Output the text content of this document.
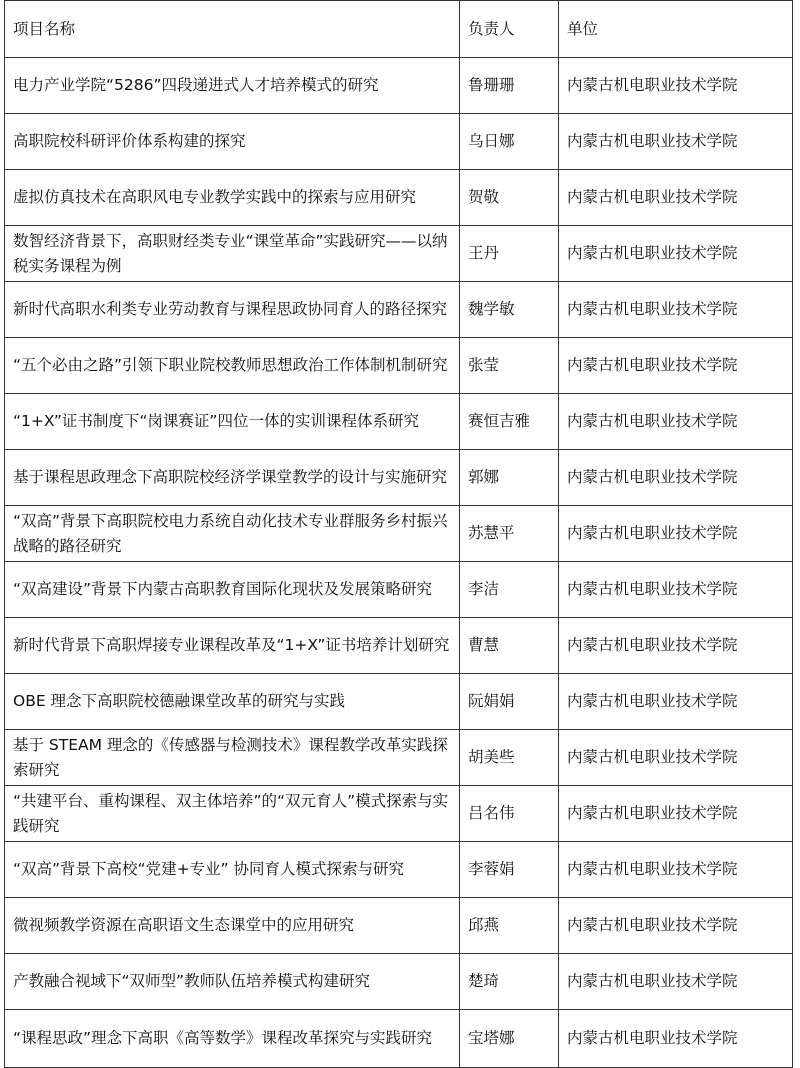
项目名称	负责人	单位
电力产业学院“5286”四段递进式人才培养模式的研究	鲁珊珊	内蒙古机电职业技术学院
高职院校科研评价体系构建的探究	乌日娜	内蒙古机电职业技术学院
虚拟仿真技术在高职风电专业教学实践中的探索与应用研究	贺敬	内蒙古机电职业技术学院
数智经济背景下，高职财经类专业“课堂革命”实践研究——以纳税实务课程为例	王丹	内蒙古机电职业技术学院
新时代高职水利类专业劳动教育与课程思政协同育人的路径探究	魏学敏	内蒙古机电职业技术学院
“五个必由之路”引领下职业院校教师思想政治工作体制机制研究	张莹	内蒙古机电职业技术学院
“1+X”证书制度下“岗课赛证”四位一体的实训课程体系研究	赛恒吉雅	内蒙古机电职业技术学院
基于课程思政理念下高职院校经济学课堂教学的设计与实施研究	郭娜	内蒙古机电职业技术学院
“双高”背景下高职院校电力系统自动化技术专业群服务乡村振兴战略的路径研究	苏慧平	内蒙古机电职业技术学院
“双高建设”背景下内蒙古高职教育国际化现状及发展策略研究	李洁	内蒙古机电职业技术学院
新时代背景下高职焊接专业课程改革及“1+X”证书培养计划研究	曹慧	内蒙古机电职业技术学院
OBE 理念下高职院校德融课堂改革的研究与实践	阮娟娟	内蒙古机电职业技术学院
基于 STEAM 理念的《传感器与检测技术》课程教学改革实践探索研究	胡美些	内蒙古机电职业技术学院
“共建平台、重构课程、双主体培养”的“双元育人”模式探索与实践研究	吕名伟	内蒙古机电职业技术学院
“双高”背景下高校“党建+专业” 协同育人模式探索与研究	李蓉娟	内蒙古机电职业技术学院
微视频教学资源在高职语文生态课堂中的应用研究	邱燕	内蒙古机电职业技术学院
产教融合视域下“双师型”教师队伍培养模式构建研究	楚琦	内蒙古机电职业技术学院
“课程思政”理念下高职《高等数学》课程改革探究与实践研究	宝塔娜	内蒙古机电职业技术学院
